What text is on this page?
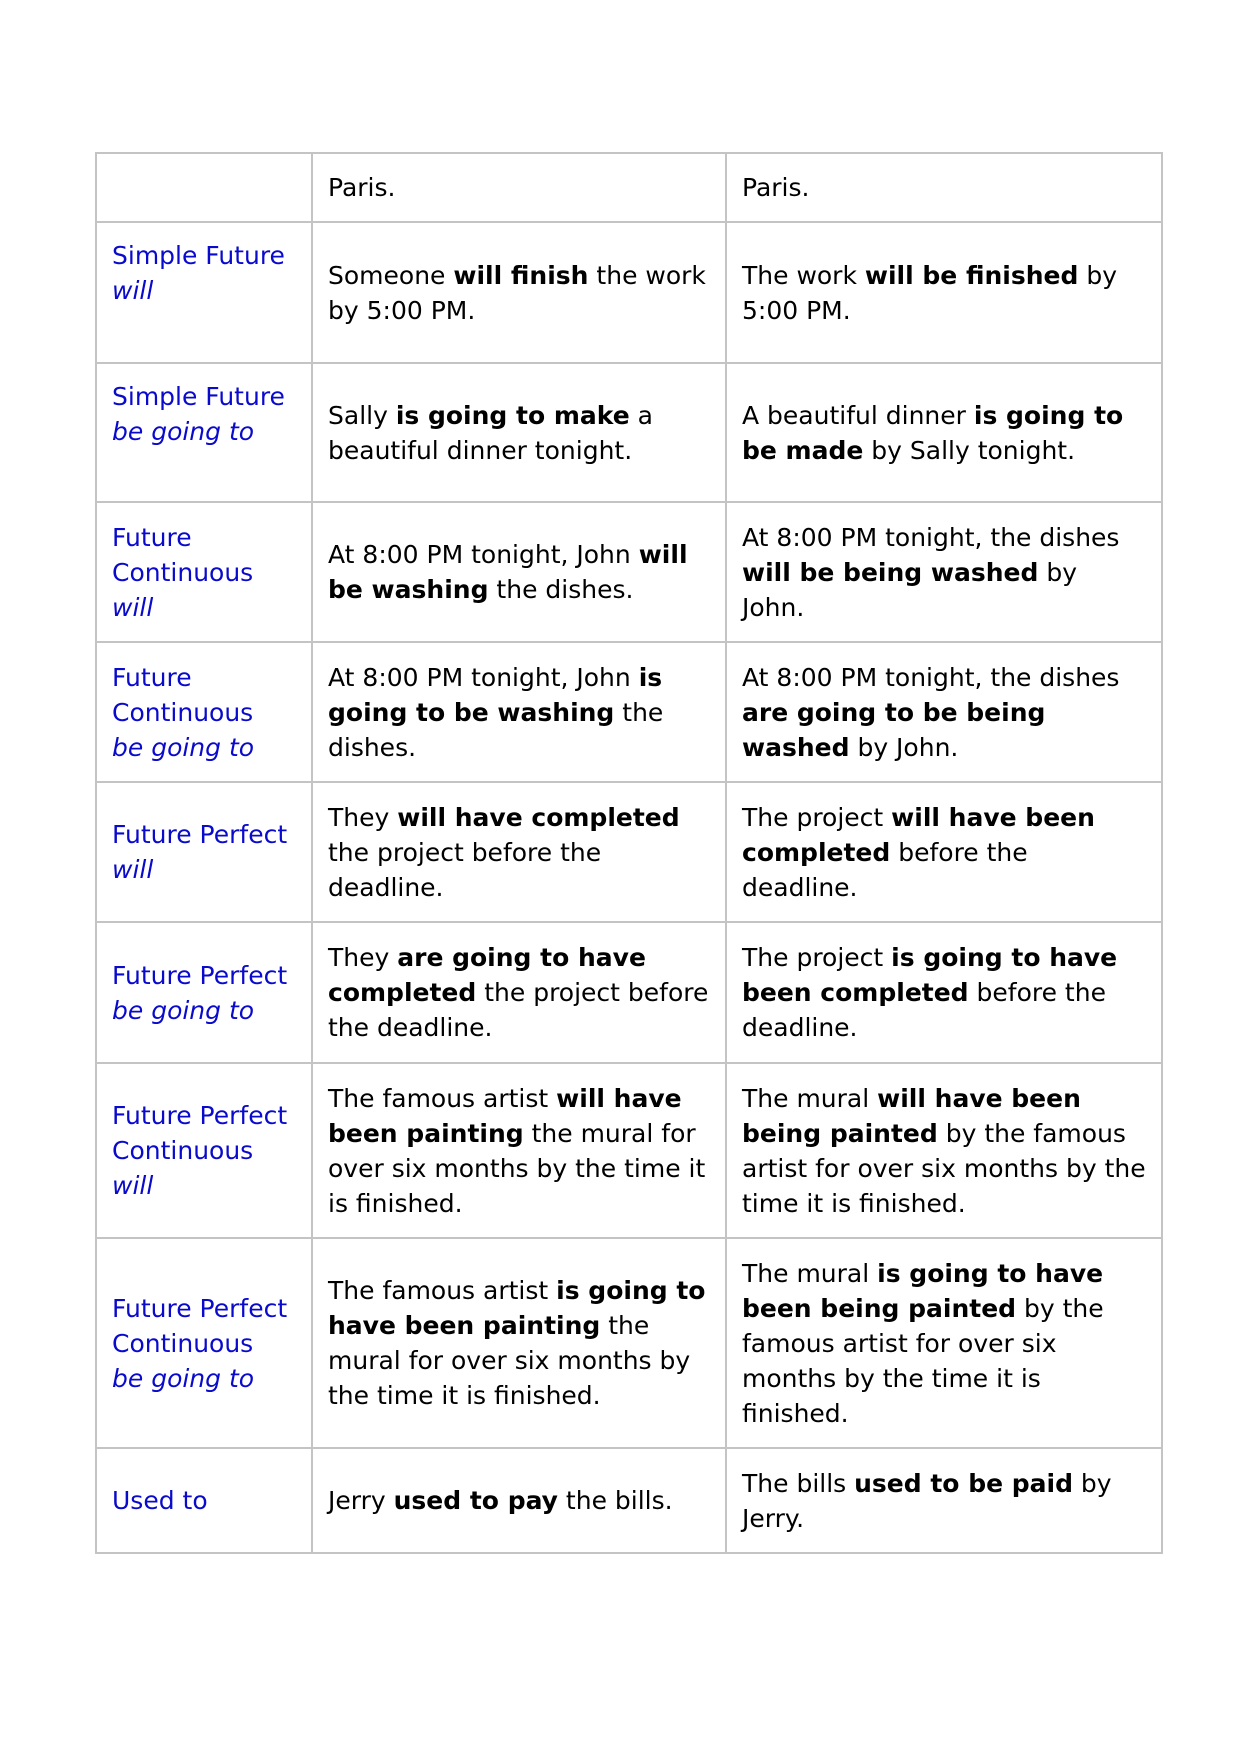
	Paris.	Paris.

Simple Future
will	Someone will finish the work by 5:00 PM.	The work will be finished by 5:00 PM.

Simple Future
be going to	Sally is going to make a beautiful dinner tonight.	A beautiful dinner is going to be made by Sally tonight.

Future Continuous
will	At 8:00 PM tonight, John will be washing the dishes.	At 8:00 PM tonight, the dishes will be being washed by John.

Future Continuous
be going to	At 8:00 PM tonight, John is going to be washing the dishes.	At 8:00 PM tonight, the dishes are going to be being washed by John.

Future Perfect
will	They will have completed the project before the deadline.	The project will have been completed before the deadline.

Future Perfect
be going to	They are going to have completed the project before the deadline.	The project is going to have been completed before the deadline.

Future Perfect Continuous
will	The famous artist will have been painting the mural for over six months by the time it is finished.	The mural will have been being painted by the famous artist for over six months by the time it is finished.

Future Perfect Continuous
be going to	The famous artist is going to have been painting the mural for over six months by the time it is finished.	The mural is going to have been being painted by the famous artist for over six months by the time it is finished.

Used to	Jerry used to pay the bills.	The bills used to be paid by Jerry.
